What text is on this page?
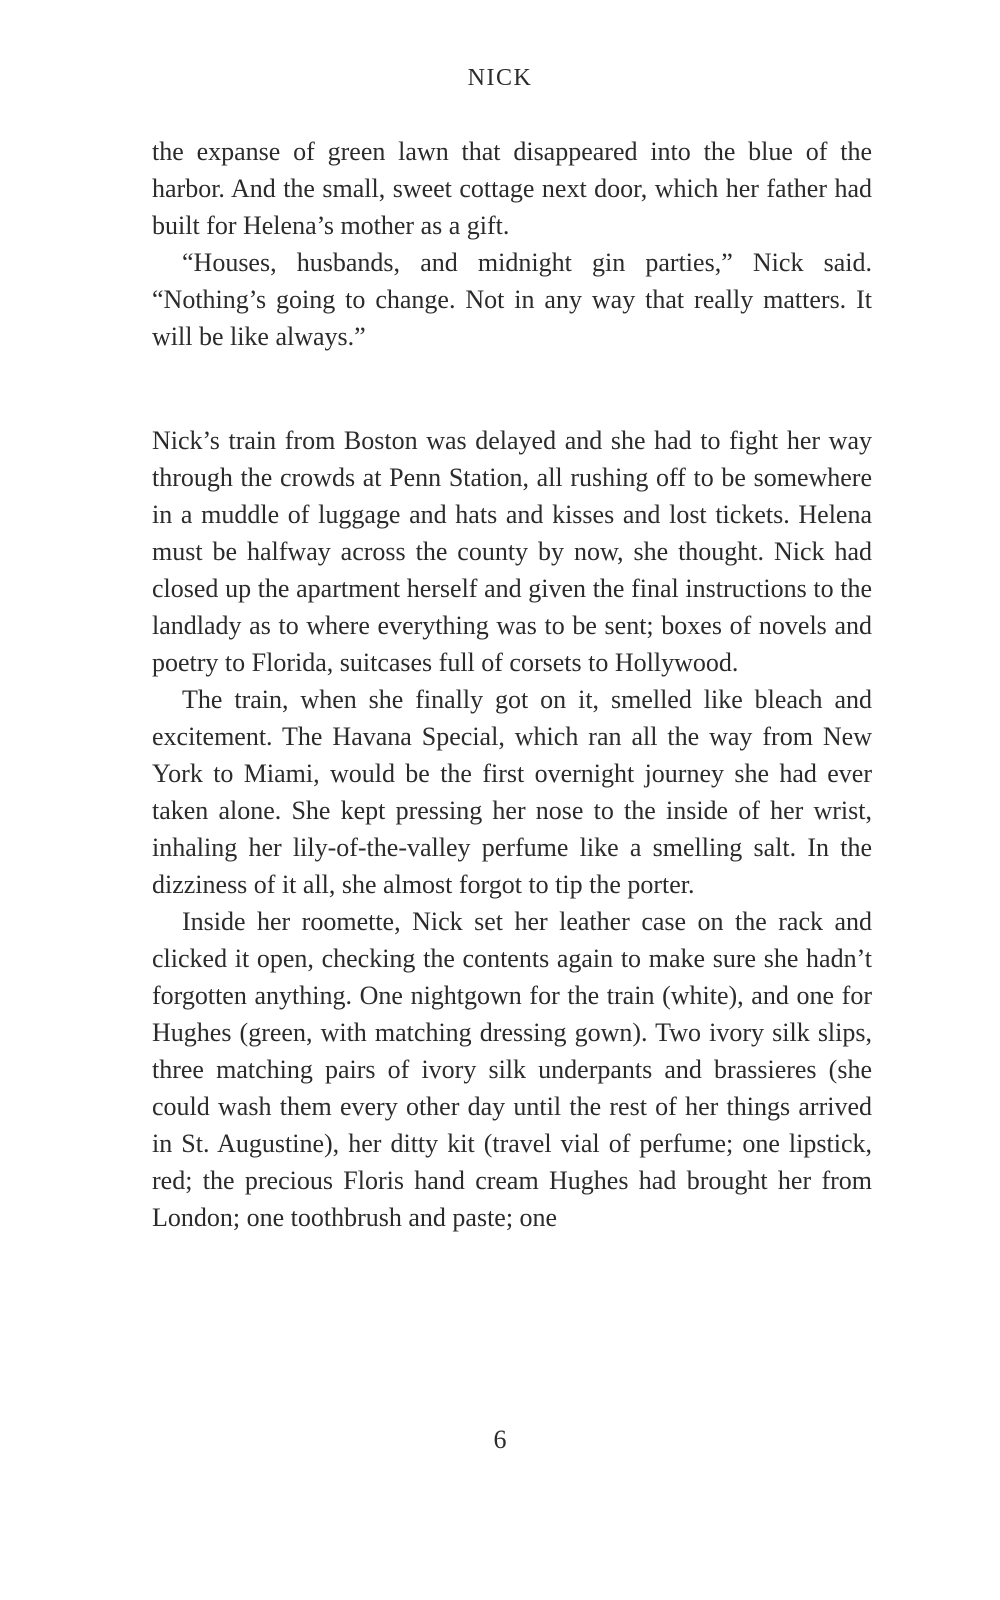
NICK

the expanse of green lawn that disappeared into the blue of the harbor. And the small, sweet cottage next door, which her father had built for Helena’s mother as a gift.

“Houses, husbands, and midnight gin parties,” Nick said. “Nothing’s going to change. Not in any way that really matters. It will be like always.”

Nick’s train from Boston was delayed and she had to fight her way through the crowds at Penn Station, all rushing off to be somewhere in a muddle of luggage and hats and kisses and lost tickets. Helena must be halfway across the county by now, she thought. Nick had closed up the apartment herself and given the final instructions to the landlady as to where everything was to be sent; boxes of novels and poetry to Florida, suitcases full of corsets to Hollywood.

The train, when she finally got on it, smelled like bleach and excitement. The Havana Special, which ran all the way from New York to Miami, would be the first overnight journey she had ever taken alone. She kept pressing her nose to the inside of her wrist, inhaling her lily-of-the-valley perfume like a smelling salt. In the dizziness of it all, she almost forgot to tip the porter.

Inside her roomette, Nick set her leather case on the rack and clicked it open, checking the contents again to make sure she hadn’t forgotten anything. One nightgown for the train (white), and one for Hughes (green, with matching dressing gown). Two ivory silk slips, three matching pairs of ivory silk underpants and brassieres (she could wash them every other day until the rest of her things arrived in St. Augustine), her ditty kit (travel vial of perfume; one lipstick, red; the precious Floris hand cream Hughes had brought her from London; one toothbrush and paste; one

6
